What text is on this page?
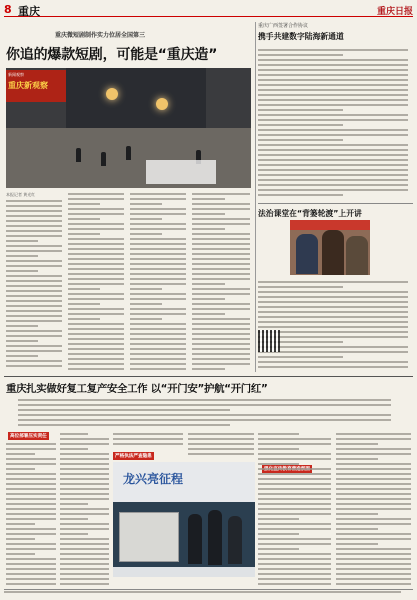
8 重庆	重庆日报
重庆微短剧制作实力位居全国第三
你追的爆款短剧，可能是“重庆造”
新闻观察
重庆新观察
本报记者 黄光红
重庆广西签署合作协议
携手共建数字陆海新通道
法治课堂在“背篓轮渡”上开讲
重庆扎实做好复工复产安全工作 以“开门安”护航“开门红”
高位部署压实责任
严格执法严查隐患
龙兴亮征程
